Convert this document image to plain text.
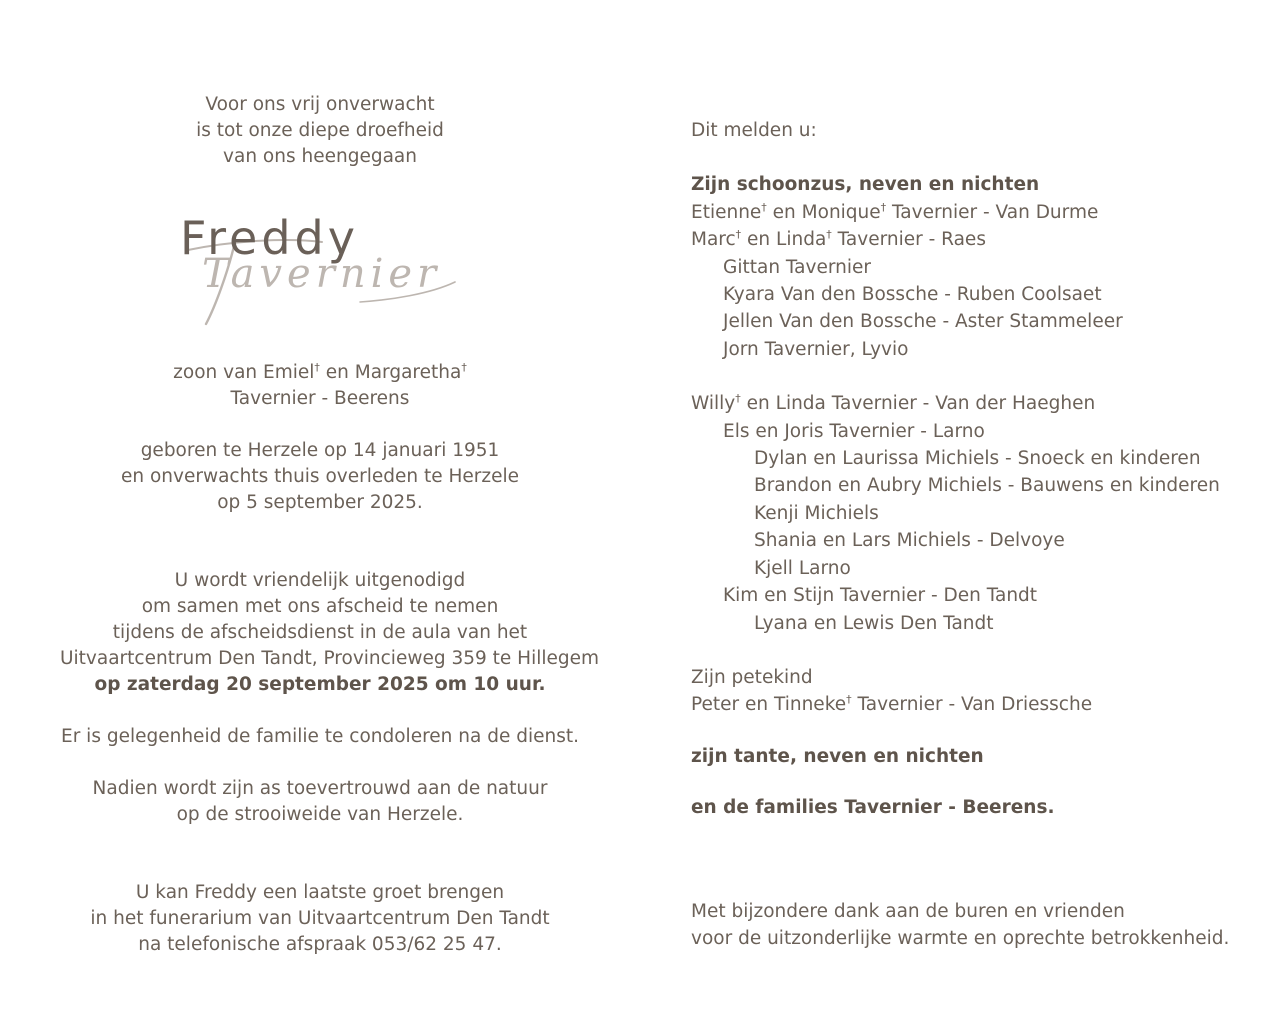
Voor ons vrij onverwacht
is tot onze diepe droefheid
van ons heengegaan
Freddy
Tavernier
zoon van Emiel† en Margaretha†
Tavernier - Beerens
geboren te Herzele op 14 januari 1951
en onverwachts thuis overleden te Herzele
op 5 september 2025.
U wordt vriendelijk uitgenodigd
om samen met ons afscheid te nemen
tijdens de afscheidsdienst in de aula van het
Uitvaartcentrum Den Tandt, Provincieweg 359 te Hillegem
op zaterdag 20 september 2025 om 10 uur.
Er is gelegenheid de familie te condoleren na de dienst.
Nadien wordt zijn as toevertrouwd aan de natuur
op de strooiweide van Herzele.
U kan Freddy een laatste groet brengen
in het funerarium van Uitvaartcentrum Den Tandt
na telefonische afspraak 053/62 25 47.
Dit melden u:
Zijn schoonzus, neven en nichten
Etienne† en Monique† Tavernier - Van Durme
Marc† en Linda† Tavernier - Raes
Gittan Tavernier
Kyara Van den Bossche - Ruben Coolsaet
Jellen Van den Bossche - Aster Stammeleer
Jorn Tavernier, Lyvio
Willy† en Linda Tavernier - Van der Haeghen
Els en Joris Tavernier - Larno
Dylan en Laurissa Michiels - Snoeck en kinderen
Brandon en Aubry Michiels - Bauwens en kinderen
Kenji Michiels
Shania en Lars Michiels - Delvoye
Kjell Larno
Kim en Stijn Tavernier - Den Tandt
Lyana en Lewis Den Tandt
Zijn petekind
Peter en Tinneke† Tavernier - Van Driessche
zijn tante, neven en nichten
en de families Tavernier - Beerens.
Met bijzondere dank aan de buren en vrienden
voor de uitzonderlijke warmte en oprechte betrokkenheid.
